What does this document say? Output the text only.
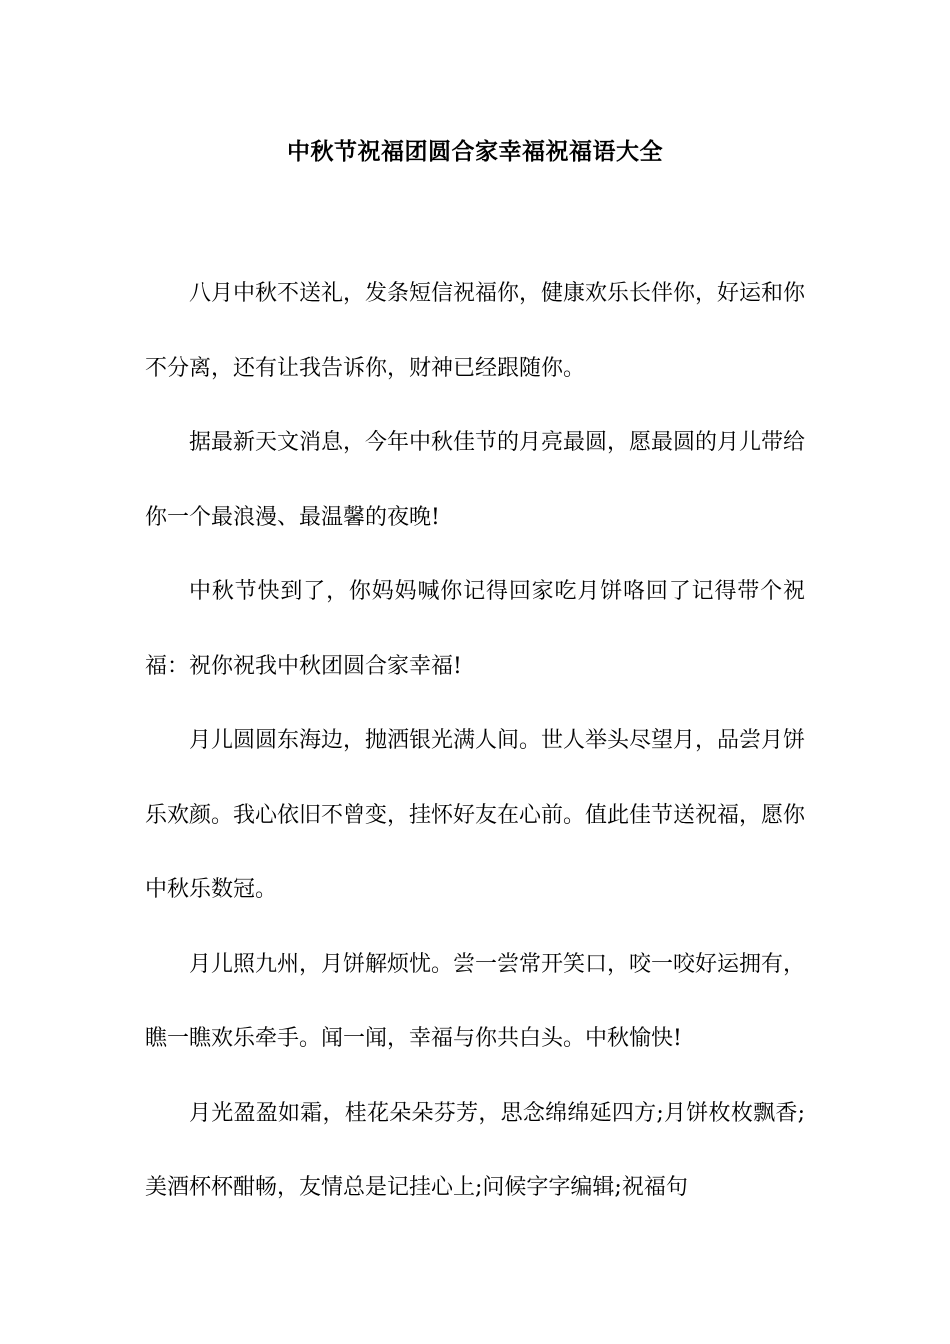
中秋节祝福团圆合家幸福祝福语大全

八月中秋不送礼，发条短信祝福你，健康欢乐长伴你，好运和你不分离，还有让我告诉你，财神已经跟随你。

据最新天文消息，今年中秋佳节的月亮最圆，愿最圆的月儿带给你一个最浪漫、最温馨的夜晚!

中秋节快到了，你妈妈喊你记得回家吃月饼咯回了记得带个祝福：祝你祝我中秋团圆合家幸福!

月儿圆圆东海边，抛洒银光满人间。世人举头尽望月，品尝月饼乐欢颜。我心依旧不曾变，挂怀好友在心前。值此佳节送祝福，愿你中秋乐数冠。

月儿照九州，月饼解烦忧。尝一尝常开笑口，咬一咬好运拥有，瞧一瞧欢乐牵手。闻一闻，幸福与你共白头。中秋愉快!

月光盈盈如霜，桂花朵朵芬芳，思念绵绵延四方;月饼枚枚飘香;美酒杯杯酣畅，友情总是记挂心上;问候字字编辑;祝福句
